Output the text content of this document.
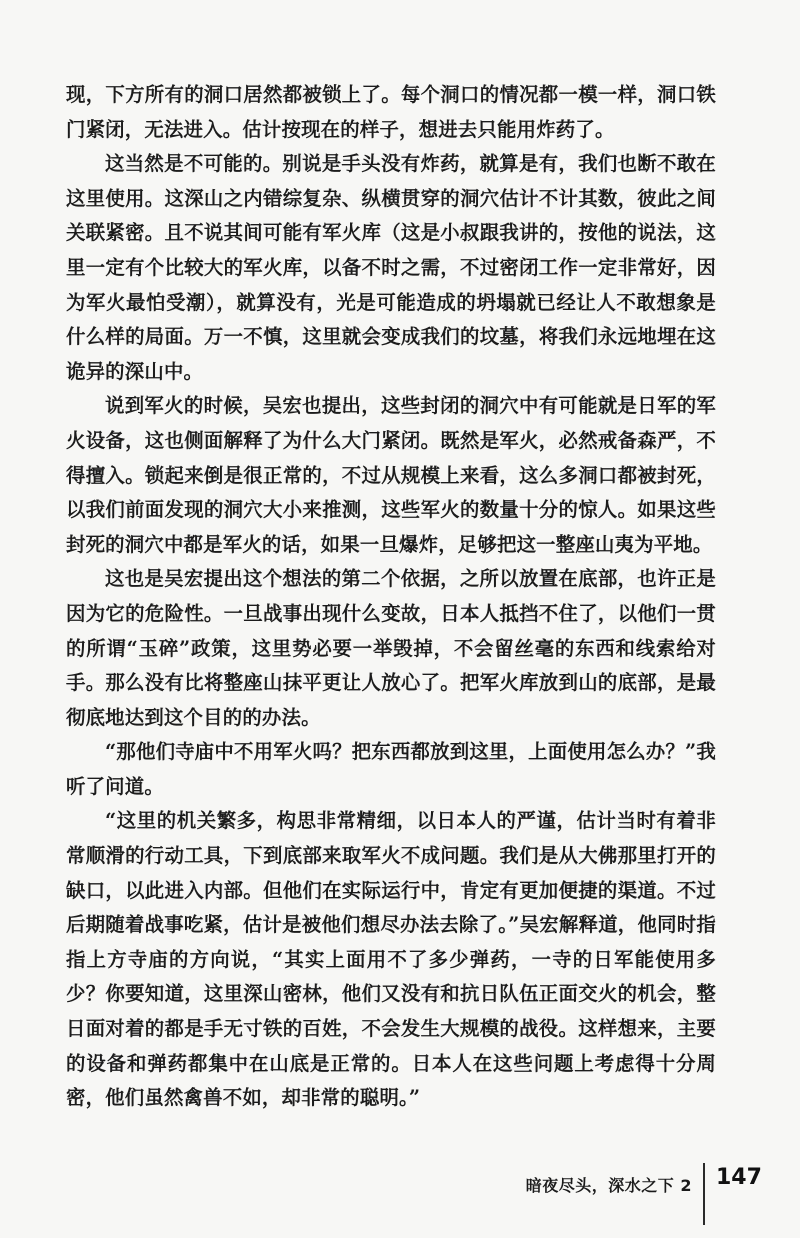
现，下方所有的洞口居然都被锁上了。每个洞口的情况都一模一样，洞口铁门紧闭，无法进入。估计按现在的样子，想进去只能用炸药了。

这当然是不可能的。别说是手头没有炸药，就算是有，我们也断不敢在这里使用。这深山之内错综复杂、纵横贯穿的洞穴估计不计其数，彼此之间关联紧密。且不说其间可能有军火库（这是小叔跟我讲的，按他的说法，这里一定有个比较大的军火库，以备不时之需，不过密闭工作一定非常好，因为军火最怕受潮），就算没有，光是可能造成的坍塌就已经让人不敢想象是什么样的局面。万一不慎，这里就会变成我们的坟墓，将我们永远地埋在这诡异的深山中。

说到军火的时候，吴宏也提出，这些封闭的洞穴中有可能就是日军的军火设备，这也侧面解释了为什么大门紧闭。既然是军火，必然戒备森严，不得擅入。锁起来倒是很正常的，不过从规模上来看，这么多洞口都被封死，以我们前面发现的洞穴大小来推测，这些军火的数量十分的惊人。如果这些封死的洞穴中都是军火的话，如果一旦爆炸，足够把这一整座山夷为平地。

这也是吴宏提出这个想法的第二个依据，之所以放置在底部，也许正是因为它的危险性。一旦战事出现什么变故，日本人抵挡不住了，以他们一贯的所谓“玉碎”政策，这里势必要一举毁掉，不会留丝毫的东西和线索给对手。那么没有比将整座山抹平更让人放心了。把军火库放到山的底部，是最彻底地达到这个目的的办法。

“那他们寺庙中不用军火吗？把东西都放到这里，上面使用怎么办？”我听了问道。

“这里的机关繁多，构思非常精细，以日本人的严谨，估计当时有着非常顺滑的行动工具，下到底部来取军火不成问题。我们是从大佛那里打开的缺口，以此进入内部。但他们在实际运行中，肯定有更加便捷的渠道。不过后期随着战事吃紧，估计是被他们想尽办法去除了。”吴宏解释道，他同时指指上方寺庙的方向说，“其实上面用不了多少弹药，一寺的日军能使用多少？你要知道，这里深山密林，他们又没有和抗日队伍正面交火的机会，整日面对着的都是手无寸铁的百姓，不会发生大规模的战役。这样想来，主要的设备和弹药都集中在山底是正常的。日本人在这些问题上考虑得十分周密，他们虽然禽兽不如，却非常的聪明。”

暗夜尽头，深水之下 2 147
